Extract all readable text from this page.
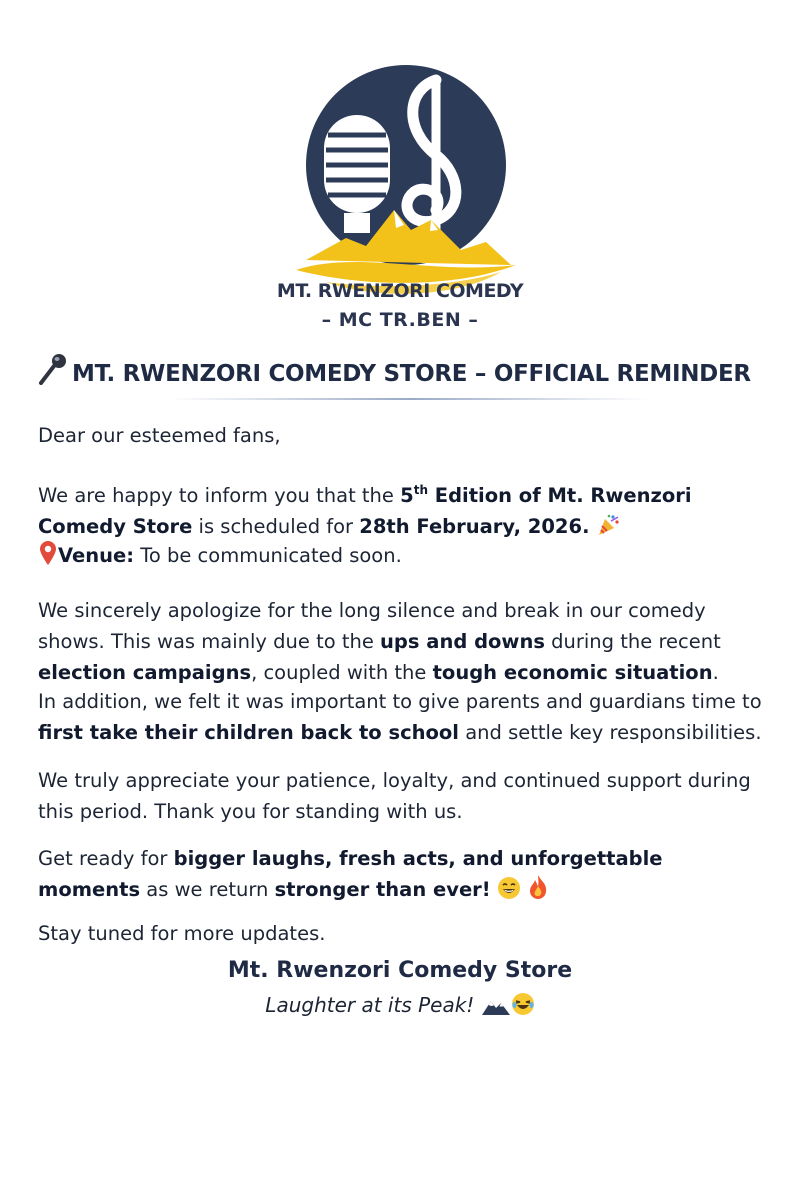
MT. RWENZORI COMEDY
– MC TR.BEN –
MT. RWENZORI COMEDY STORE – OFFICIAL REMINDER
Dear our esteemed fans,
We are happy to inform you that the 5th Edition of Mt. Rwenzori Comedy Store is scheduled for 28th February, 2026.
Venue: To be communicated soon.
We sincerely apologize for the long silence and break in our comedy shows. This was mainly due to the ups and downs during the recent election campaigns, coupled with the tough economic situation.
In addition, we felt it was important to give parents and guardians time to first take their children back to school and settle key responsibilities.
We truly appreciate your patience, loyalty, and continued support during this period. Thank you for standing with us.
Get ready for bigger laughs, fresh acts, and unforgettable moments as we return stronger than ever!
Stay tuned for more updates.
Mt. Rwenzori Comedy Store
Laughter at its Peak!
